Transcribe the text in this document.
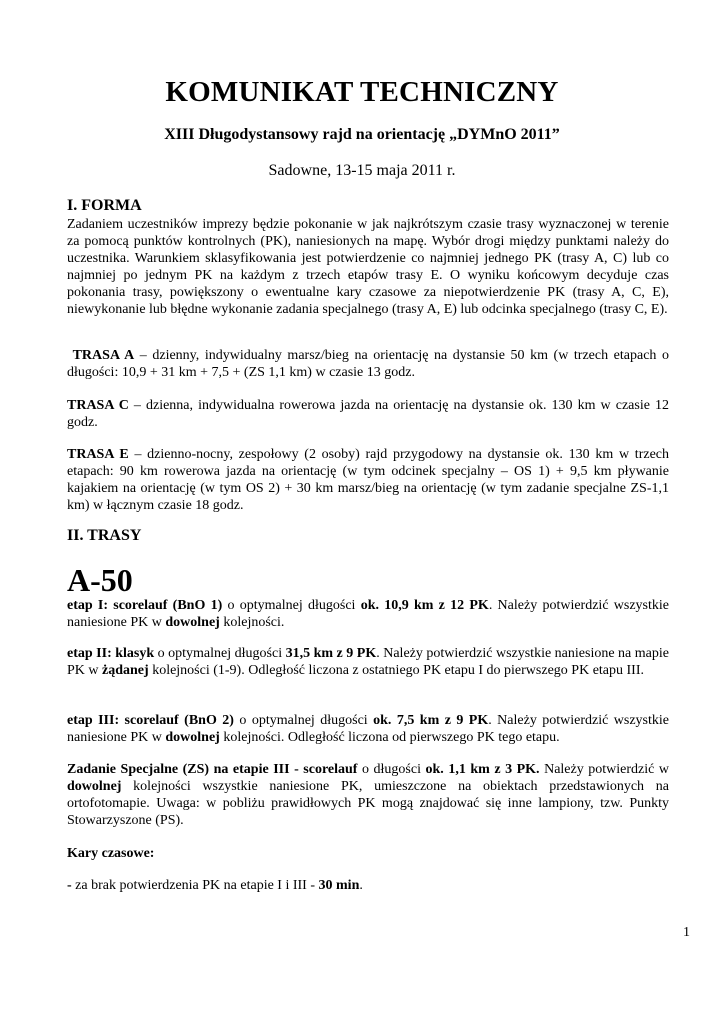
KOMUNIKAT TECHNICZNY
XIII Długodystansowy rajd na orientację „DYMnO 2011”
Sadowne, 13-15 maja 2011 r.
I. FORMA
Zadaniem uczestników imprezy będzie pokonanie w jak najkrótszym czasie trasy wyznaczonej w terenie za pomocą punktów kontrolnych (PK), naniesionych na mapę. Wybór drogi między punktami należy do uczestnika. Warunkiem sklasyfikowania jest potwierdzenie co najmniej jednego PK (trasy A, C) lub co najmniej po jednym PK na każdym z trzech etapów trasy E. O wyniku końcowym decyduje czas pokonania trasy, powiększony o ewentualne kary czasowe za niepotwierdzenie PK (trasy A, C, E), niewykonanie lub błędne wykonanie zadania specjalnego (trasy A, E) lub odcinka specjalnego (trasy C, E).
TRASA A – dzienny, indywidualny marsz/bieg na orientację na dystansie 50 km (w trzech etapach o długości: 10,9 + 31 km + 7,5 + (ZS 1,1 km) w czasie 13 godz.
TRASA C – dzienna, indywidualna rowerowa jazda na orientację na dystansie ok. 130 km w czasie 12 godz.
TRASA E – dzienno-nocny, zespołowy (2 osoby) rajd przygodowy na dystansie ok. 130 km w trzech etapach: 90 km rowerowa jazda na orientację (w tym odcinek specjalny – OS 1) + 9,5 km pływanie kajakiem na orientację (w tym OS 2) + 30 km marsz/bieg na orientację (w tym zadanie specjalne ZS-1,1 km) w łącznym czasie 18 godz.
II. TRASY
A-50
etap I: scorelauf (BnO 1) o optymalnej długości ok. 10,9 km z 12 PK. Należy potwierdzić wszystkie naniesione PK w dowolnej kolejności.
etap II: klasyk o optymalnej długości 31,5 km z 9 PK. Należy potwierdzić wszystkie naniesione na mapie PK w żądanej kolejności (1-9). Odległość liczona z ostatniego PK etapu I do pierwszego PK etapu III.
etap III: scorelauf (BnO 2) o optymalnej długości ok. 7,5 km z 9 PK. Należy potwierdzić wszystkie naniesione PK w dowolnej kolejności. Odległość liczona od pierwszego PK tego etapu.
Zadanie Specjalne (ZS) na etapie III - scorelauf o długości ok. 1,1 km z 3 PK. Należy potwierdzić w dowolnej kolejności wszystkie naniesione PK, umieszczone na obiektach przedstawionych na ortofotomapie. Uwaga: w pobliżu prawidłowych PK mogą znajdować się inne lampiony, tzw. Punkty Stowarzyszone (PS).
Kary czasowe:
- za brak potwierdzenia PK na etapie I i III - 30 min.
1
